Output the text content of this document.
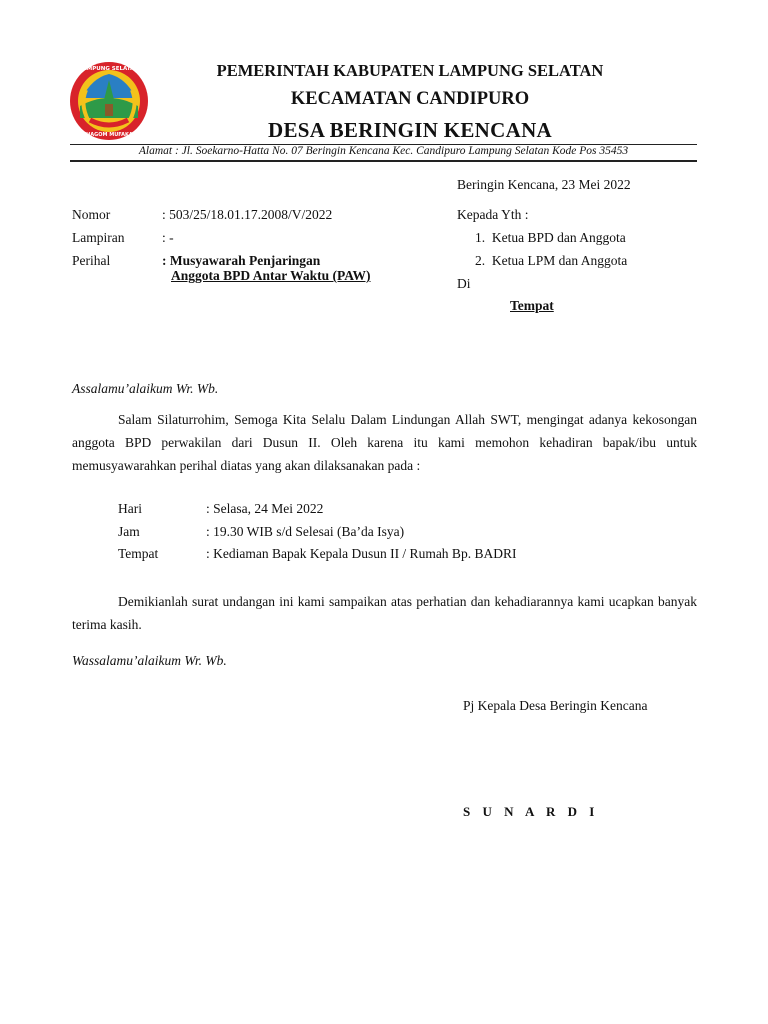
LAMPUNG SELATAN
KHAGOM MUFAKAT
PEMERINTAH KABUPATEN LAMPUNG SELATAN
KECAMATAN CANDIPURO
DESA BERINGIN KENCANA
Alamat : Jl. Soekarno-Hatta No. 07 Beringin Kencana Kec. Candipuro Lampung Selatan Kode Pos 35453
Beringin Kencana, 23 Mei 2022
Nomor	: 503/25/18.01.17.2008/V/2022
Lampiran	: -
Perihal	: Musyawarah Penjaringan
Anggota BPD Antar Waktu (PAW)
Kepada Yth :
1. Ketua BPD dan Anggota
2. Ketua LPM dan Anggota
Di
Tempat
Assalamu’alaikum Wr. Wb.
Salam Silaturrohim, Semoga Kita Selalu Dalam Lindungan Allah SWT, mengingat adanya kekosongan anggota BPD perwakilan dari Dusun II. Oleh karena itu kami memohon kehadiran bapak/ibu untuk memusyawarahkan perihal diatas yang akan dilaksanakan pada :
Hari	: Selasa, 24 Mei 2022
Jam	: 19.30 WIB s/d Selesai (Ba’da Isya)
Tempat	: Kediaman Bapak Kepala Dusun II / Rumah Bp. BADRI
Demikianlah surat undangan ini kami sampaikan atas perhatian dan kehadiarannya kami ucapkan banyak terima kasih.
Wassalamu’alaikum Wr. Wb.
Pj Kepala Desa Beringin Kencana
S U N A R D I
